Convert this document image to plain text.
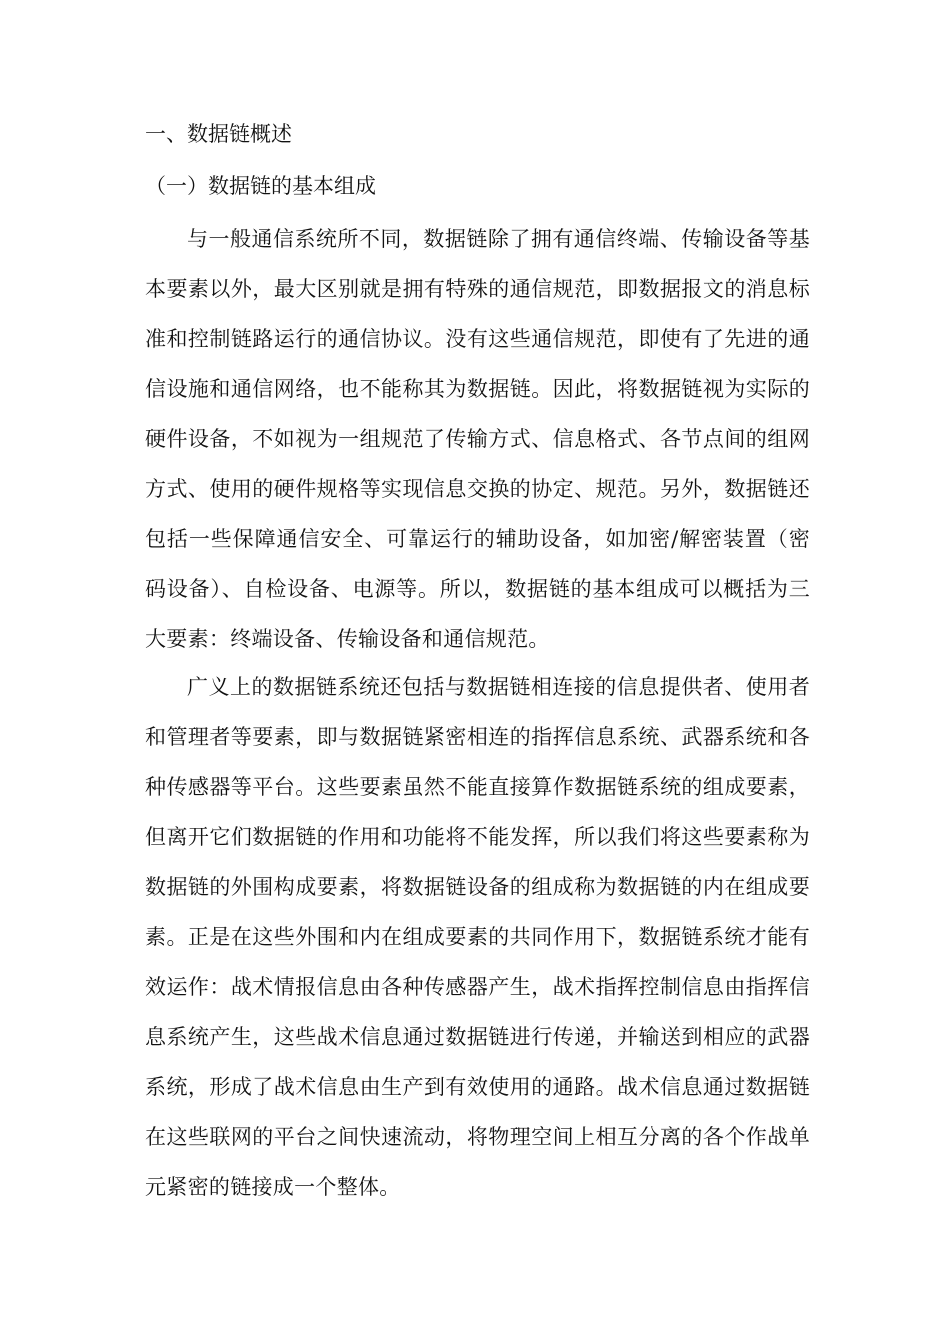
一、数据链概述
（一）数据链的基本组成

与一般通信系统所不同，数据链除了拥有通信终端、传输设备等基本要素以外，最大区别就是拥有特殊的通信规范，即数据报文的消息标准和控制链路运行的通信协议。没有这些通信规范，即使有了先进的通信设施和通信网络，也不能称其为数据链。因此，将数据链视为实际的硬件设备，不如视为一组规范了传输方式、信息格式、各节点间的组网方式、使用的硬件规格等实现信息交换的协定、规范。另外，数据链还包括一些保障通信安全、可靠运行的辅助设备，如加密/解密装置（密码设备）、自检设备、电源等。所以，数据链的基本组成可以概括为三大要素：终端设备、传输设备和通信规范。

广义上的数据链系统还包括与数据链相连接的信息提供者、使用者和管理者等要素，即与数据链紧密相连的指挥信息系统、武器系统和各种传感器等平台。这些要素虽然不能直接算作数据链系统的组成要素，但离开它们数据链的作用和功能将不能发挥，所以我们将这些要素称为数据链的外围构成要素，将数据链设备的组成称为数据链的内在组成要素。正是在这些外围和内在组成要素的共同作用下，数据链系统才能有效运作：战术情报信息由各种传感器产生，战术指挥控制信息由指挥信息系统产生，这些战术信息通过数据链进行传递，并输送到相应的武器系统，形成了战术信息由生产到有效使用的通路。战术信息通过数据链在这些联网的平台之间快速流动，将物理空间上相互分离的各个作战单元紧密的链接成一个整体。
